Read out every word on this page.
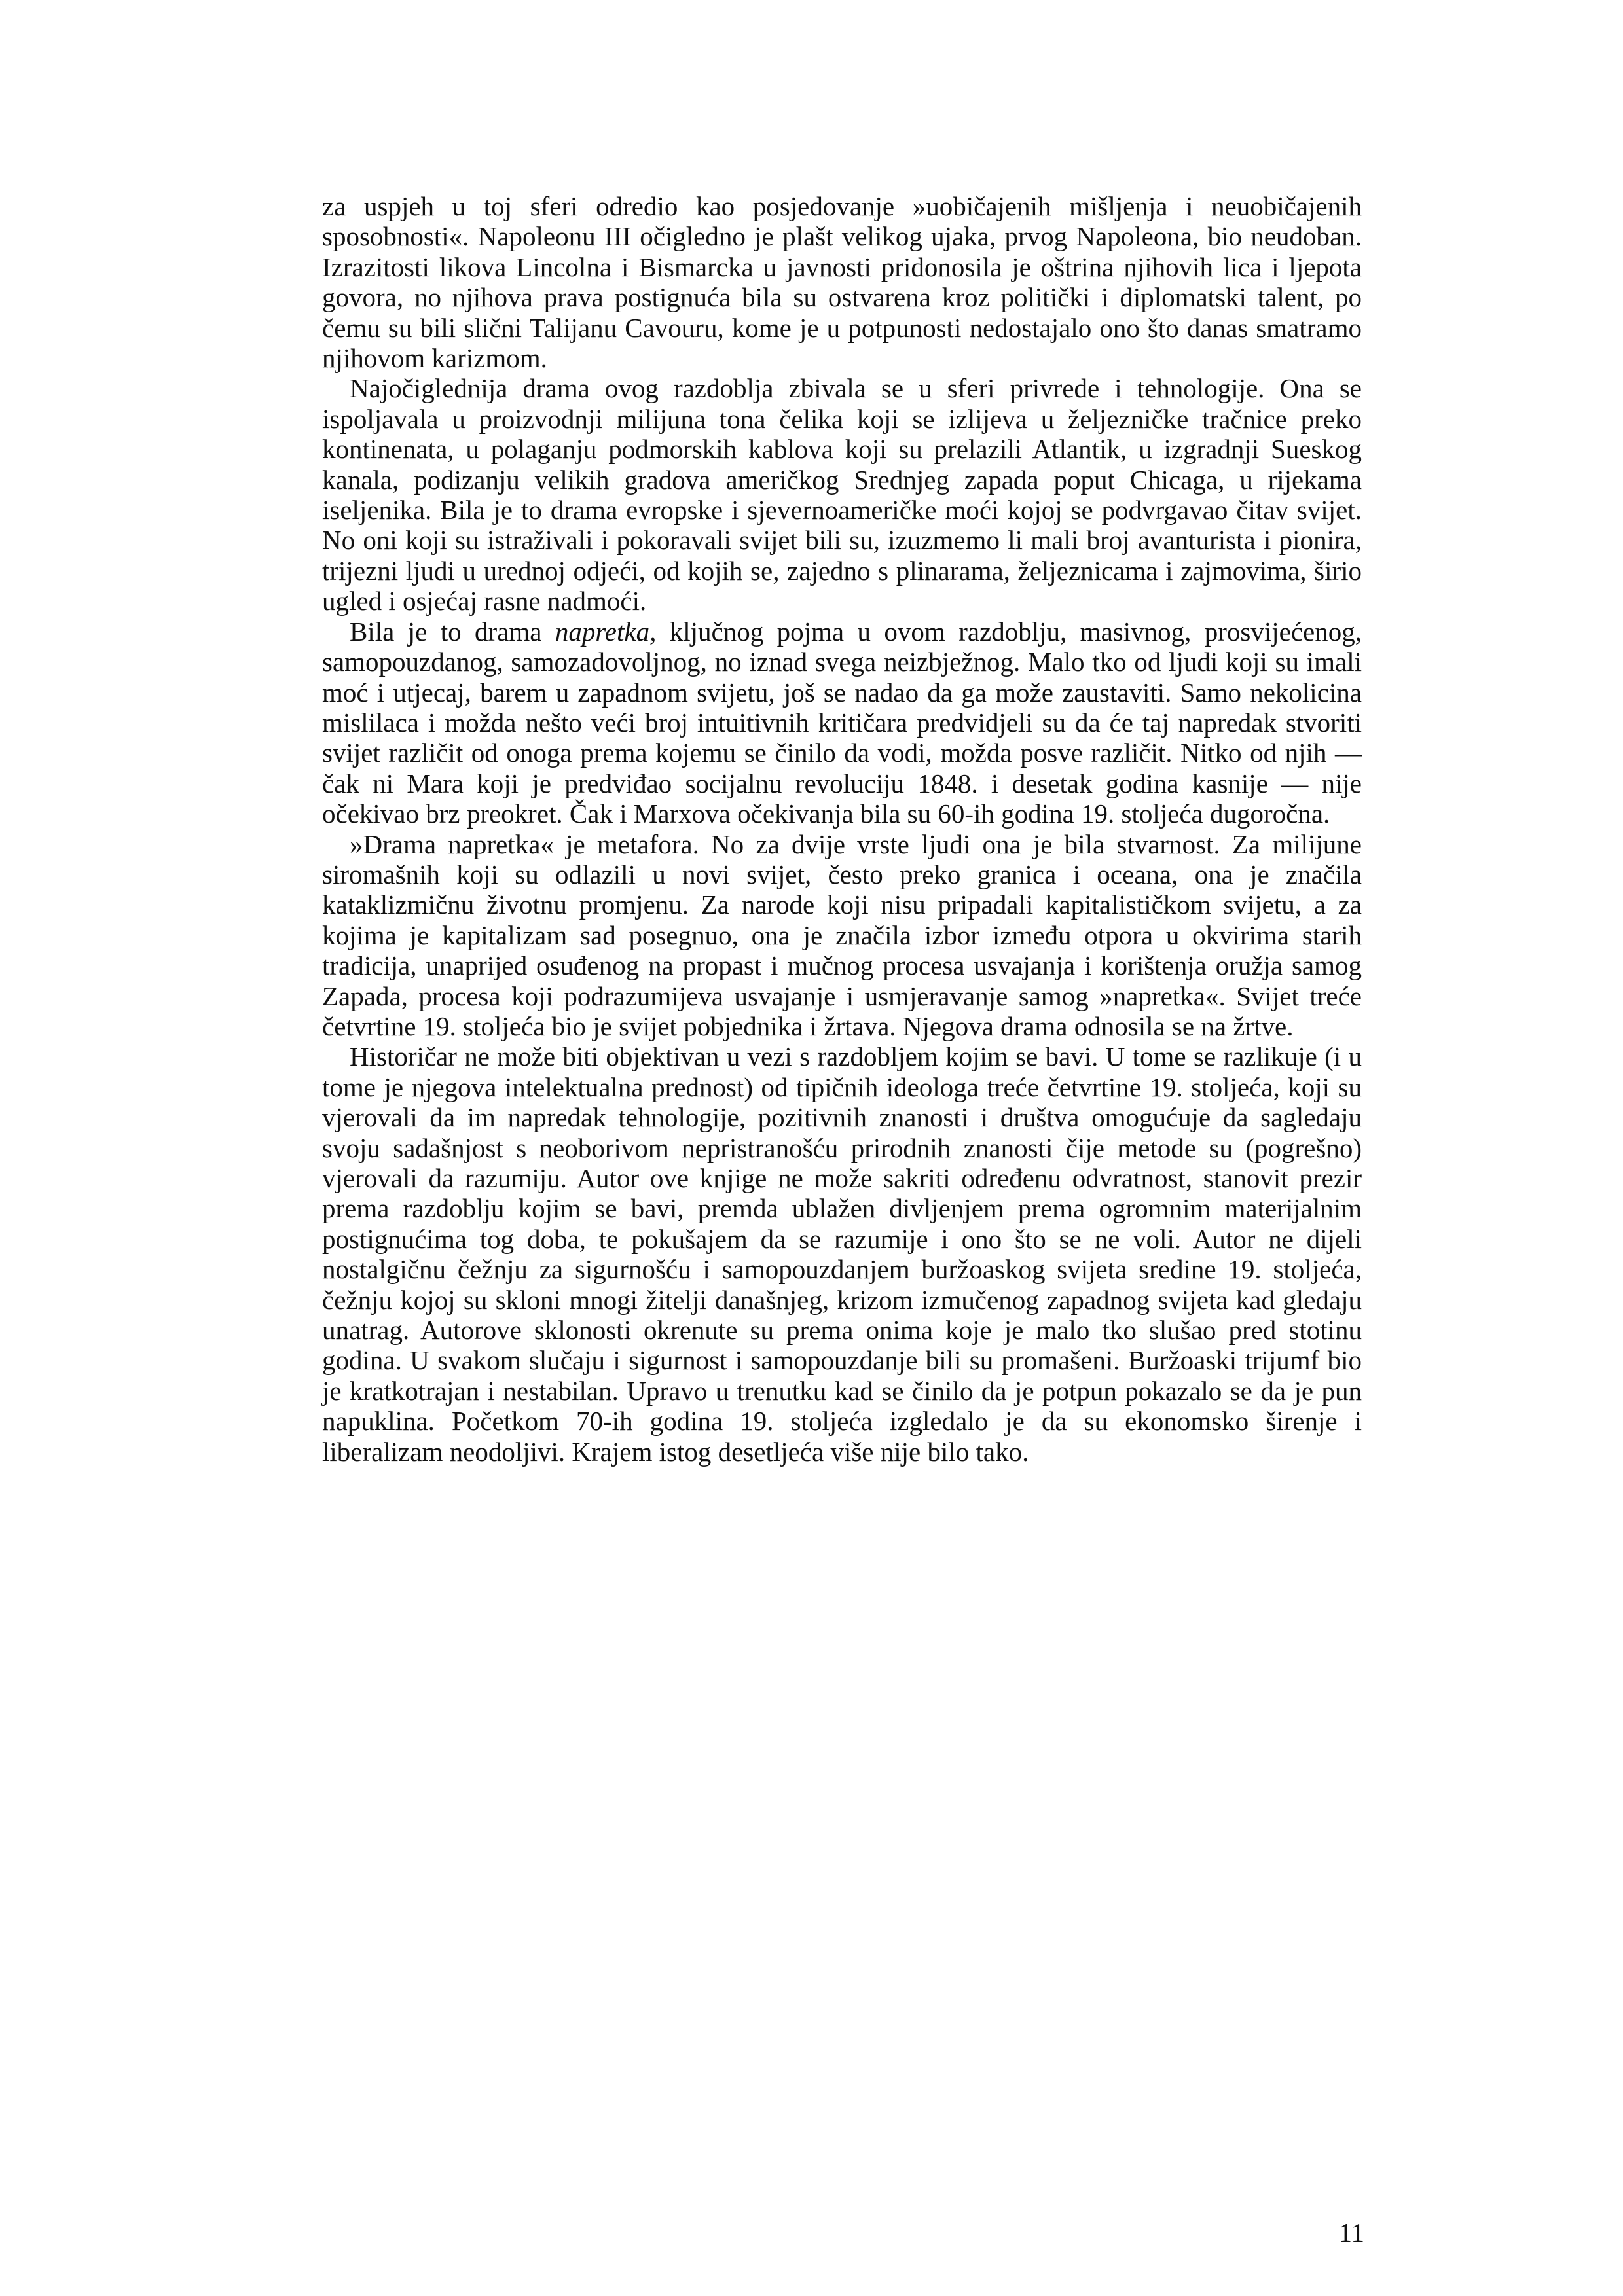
za uspjeh u toj sferi odredio kao posjedovanje »uobičajenih mišljenja i neuobičajenih sposobnosti«. Napoleonu III očigledno je plašt velikog ujaka, prvog Napoleona, bio neudoban. Izrazitosti likova Lincolna i Bismarcka u javnosti pridonosila je oštrina njihovih lica i ljepota govora, no njihova prava postignuća bila su ostvarena kroz politički i diplomatski talent, po čemu su bili slični Talijanu Cavouru, kome je u potpunosti nedostajalo ono što danas smatramo njihovom karizmom.

Najočiglednija drama ovog razdoblja zbivala se u sferi privrede i tehnologije. Ona se ispoljavala u proizvodnji milijuna tona čelika koji se izlijeva u željezničke tračnice preko kontinenata, u polaganju podmorskih kablova koji su prelazili Atlantik, u izgradnji Sueskog kanala, podizanju velikih gradova američkog Srednjeg zapada poput Chicaga, u rijekama iseljenika. Bila je to drama evropske i sjevernoameričke moći kojoj se podvrgavao čitav svijet. No oni koji su istraživali i pokoravali svijet bili su, izuzmemo li mali broj avanturista i pionira, trijezni ljudi u urednoj odjeći, od kojih se, zajedno s plinarama, željeznicama i zajmovima, širio ugled i osjećaj rasne nadmoći.

Bila je to drama napretka, ključnog pojma u ovom razdoblju, masivnog, prosvijećenog, samopouzdanog, samozadovoljnog, no iznad svega neizbježnog. Malo tko od ljudi koji su imali moć i utjecaj, barem u zapadnom svijetu, još se nadao da ga može zaustaviti. Samo nekolicina mislilaca i možda nešto veći broj intuitivnih kritičara predvidjeli su da će taj napredak stvoriti svijet različit od onoga prema kojemu se činilo da vodi, možda posve različit. Nitko od njih — čak ni Mara koji je predviđao socijalnu revoluciju 1848. i desetak godina kasnije — nije očekivao brz preokret. Čak i Marxova očekivanja bila su 60-ih godina 19. stoljeća dugoročna.

»Drama napretka« je metafora. No za dvije vrste ljudi ona je bila stvarnost. Za milijune siromašnih koji su odlazili u novi svijet, često preko granica i oceana, ona je značila kataklizmičnu životnu promjenu. Za narode koji nisu pripadali kapitalističkom svijetu, a za kojima je kapitalizam sad posegnuo, ona je značila izbor između otpora u okvirima starih tradicija, unaprijed osuđenog na propast i mučnog procesa usvajanja i korištenja oružja samog Zapada, procesa koji podrazumijeva usvajanje i usmjeravanje samog »napretka«. Svijet treće četvrtine 19. stoljeća bio je svijet pobjednika i žrtava. Njegova drama odnosila se na žrtve.

Historičar ne može biti objektivan u vezi s razdobljem kojim se bavi. U tome se razlikuje (i u tome je njegova intelektualna prednost) od tipičnih ideologa treće četvrtine 19. stoljeća, koji su vjerovali da im napredak tehnologije, pozitivnih znanosti i društva omogućuje da sagledaju svoju sadašnjost s neoborivom nepristranošću prirodnih znanosti čije metode su (pogrešno) vjerovali da razumiju. Autor ove knjige ne može sakriti određenu odvratnost, stanovit prezir prema razdoblju kojim se bavi, premda ublažen divljenjem prema ogromnim materijalnim postignućima tog doba, te pokušajem da se razumije i ono što se ne voli. Autor ne dijeli nostalgičnu čežnju za sigurnošću i samopouzdanjem buržoaskog svijeta sredine 19. stoljeća, čežnju kojoj su skloni mnogi žitelji današnjeg, krizom izmučenog zapadnog svijeta kad gledaju unatrag. Autorove sklonosti okrenute su prema onima koje je malo tko slušao pred stotinu godina. U svakom slučaju i sigurnost i samopouzdanje bili su promašeni. Buržoaski trijumf bio je kratkotrajan i nestabilan. Upravo u trenutku kad se činilo da je potpun pokazalo se da je pun napuklina. Početkom 70-ih godina 19. stoljeća izgledalo je da su ekonomsko širenje i liberalizam neodoljivi. Krajem istog desetljeća više nije bilo tako.

11
